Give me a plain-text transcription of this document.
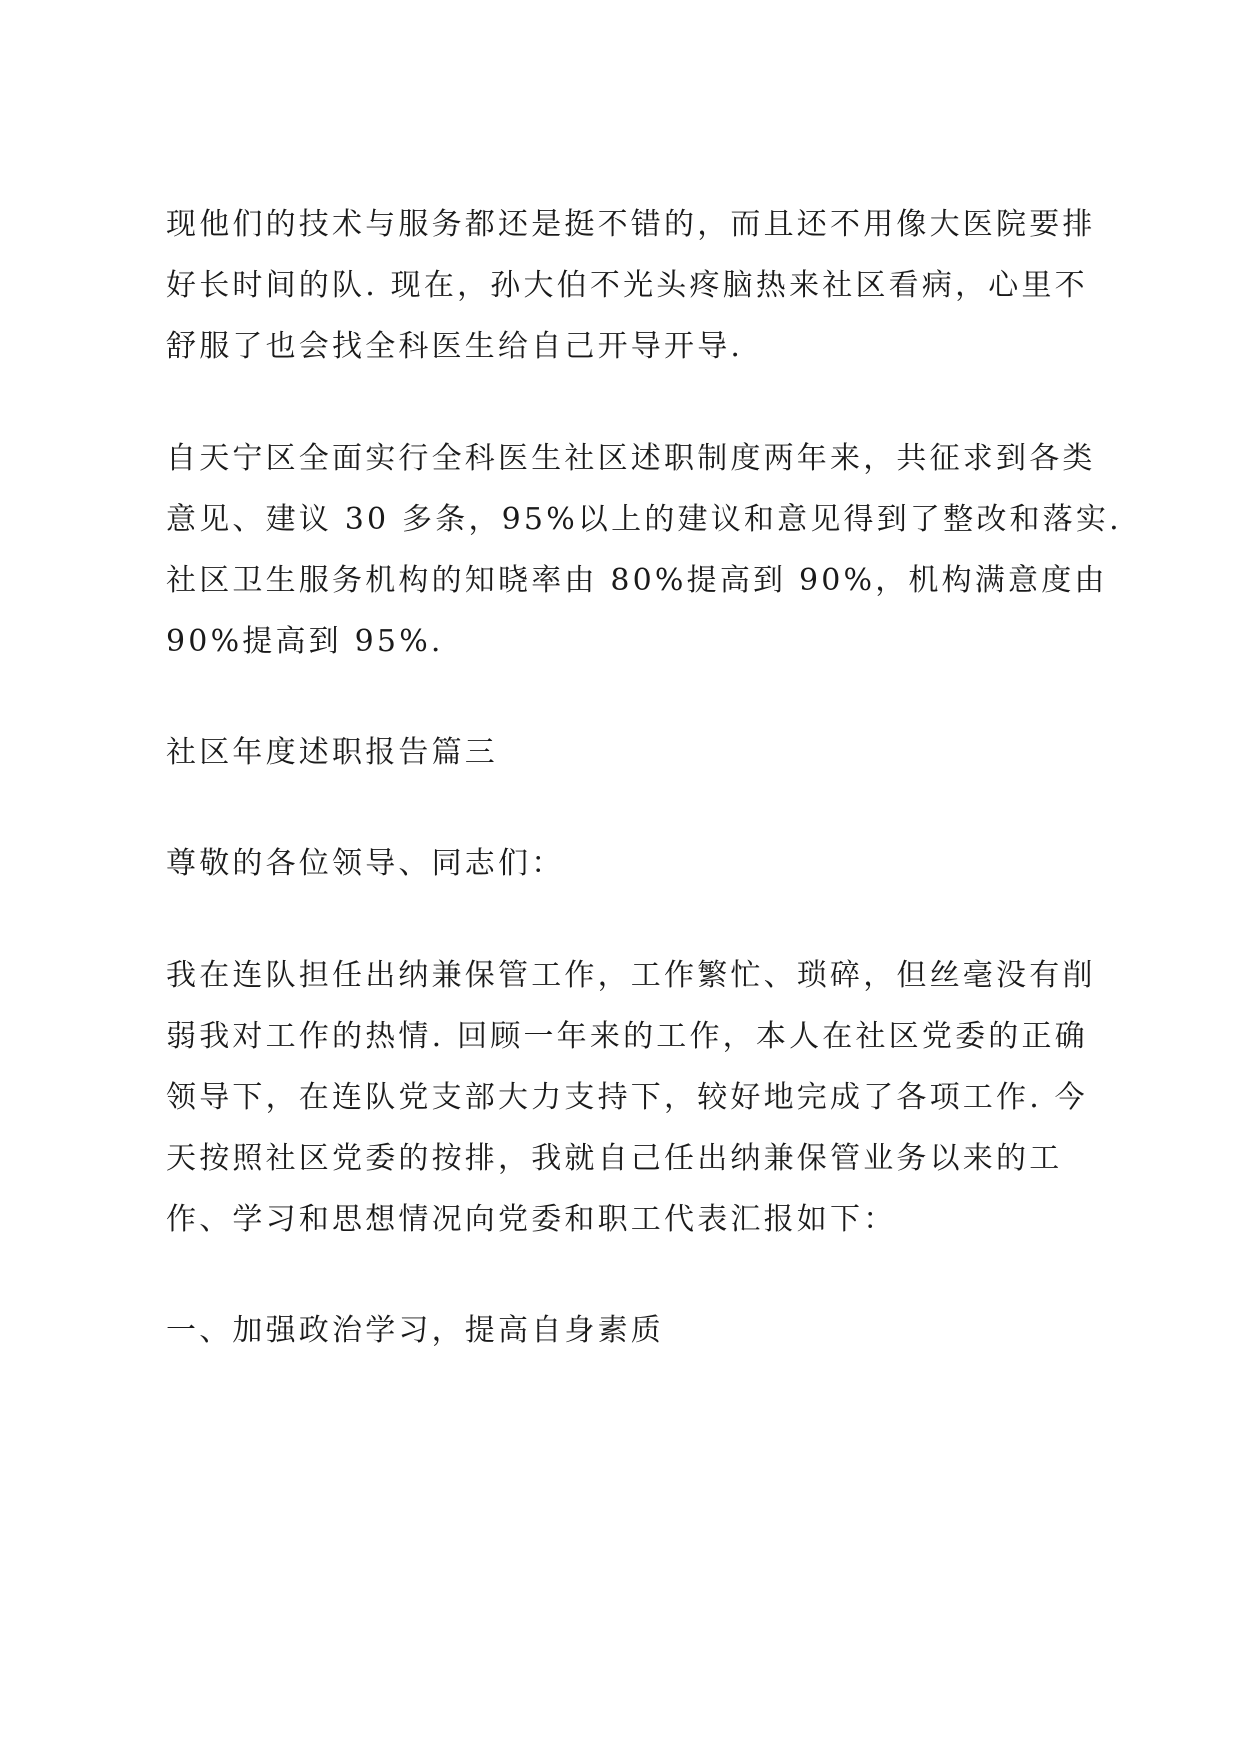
现他们的技术与服务都还是挺不错的，而且还不用像大医院要排
好长时间的队. 现在，孙大伯不光头疼脑热来社区看病，心里不
舒服了也会找全科医生给自己开导开导.
自天宁区全面实行全科医生社区述职制度两年来，共征求到各类
意见、建议 30 多条，95%以上的建议和意见得到了整改和落实.
社区卫生服务机构的知晓率由 80%提高到 90%，机构满意度由
90%提高到 95%.
社区年度述职报告篇三
尊敬的各位领导、同志们：
我在连队担任出纳兼保管工作，工作繁忙、琐碎，但丝毫没有削
弱我对工作的热情. 回顾一年来的工作，本人在社区党委的正确
领导下，在连队党支部大力支持下，较好地完成了各项工作. 今
天按照社区党委的按排，我就自己任出纳兼保管业务以来的工
作、学习和思想情况向党委和职工代表汇报如下：
一、加强政治学习，提高自身素质
